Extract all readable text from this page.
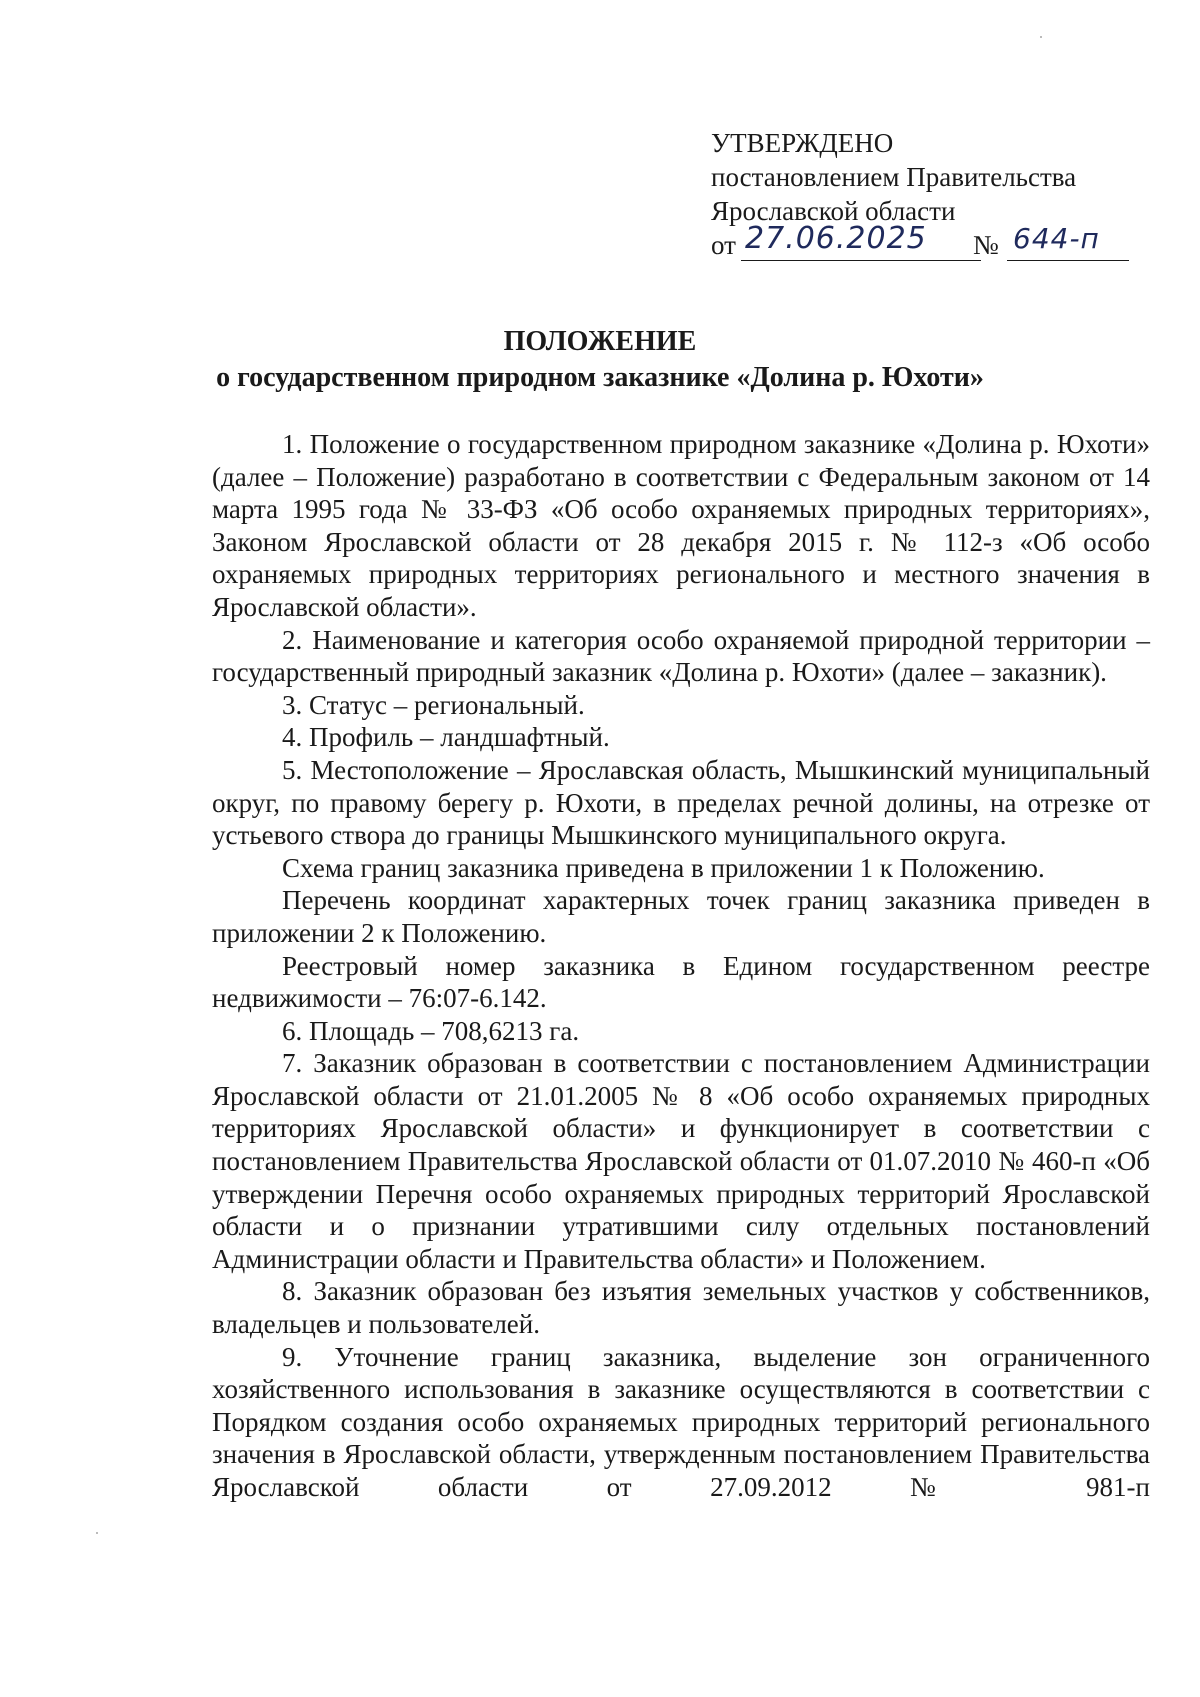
УТВЕРЖДЕНО
постановлением Правительства
Ярославской области
от 27.06.2025 № 644-п
ПОЛОЖЕНИЕ
о государственном природном заказнике «Долина р. Юхоти»

1. Положение о государственном природном заказнике «Долина р. Юхоти» (далее – Положение) разработано в соответствии с Федеральным законом от 14 марта 1995 года № 33-ФЗ «Об особо охраняемых природных территориях», Законом Ярославской области от 28 декабря 2015 г. № 112-з «Об особо охраняемых природных территориях регионального и местного значения в Ярославской области».

2. Наименование и категория особо охраняемой природной территории – государственный природный заказник «Долина р. Юхоти» (далее – заказник).

3. Статус – региональный.

4. Профиль – ландшафтный.

5. Местоположение – Ярославская область, Мышкинский муниципальный округ, по правому берегу р. Юхоти, в пределах речной долины, на отрезке от устьевого створа до границы Мышкинского муниципального округа.

Схема границ заказника приведена в приложении 1 к Положению.

Перечень координат характерных точек границ заказника приведен в приложении 2 к Положению.

Реестровый номер заказника в Едином государственном реестре недвижимости – 76:07-6.142.

6. Площадь – 708,6213 га.

7. Заказник образован в соответствии с постановлением Администрации Ярославской области от 21.01.2005 № 8 «Об особо охраняемых природных территориях Ярославской области» и функционирует в соответствии с постановлением Правительства Ярославской области от 01.07.2010 № 460-п «Об утверждении Перечня особо охраняемых природных территорий Ярославской области и о признании утратившими силу отдельных постановлений Администрации области и Правительства области» и Положением.

8. Заказник образован без изъятия земельных участков у собственников, владельцев и пользователей.

9. Уточнение границ заказника, выделение зон ограниченного хозяйственного использования в заказнике осуществляются в соответствии с Порядком создания особо охраняемых природных территорий регионального значения в Ярославской области, утвержденным постановлением Правительства Ярославской области от 27.09.2012 № 981-п
